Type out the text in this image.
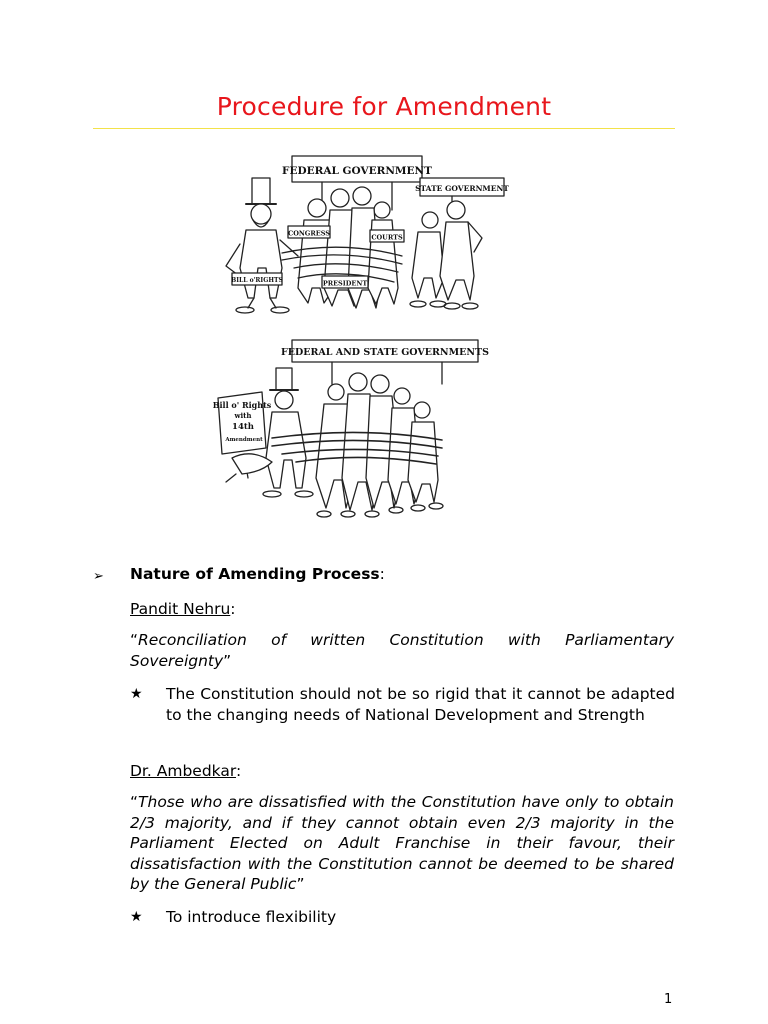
Procedure for Amendment
FEDERAL GOVERNMENT
STATE GOVERNMENT
CONGRESS	COURTS
PRESIDENT
BILL o'RIGHTS
FEDERAL AND STATE GOVERNMENTS
Bill o' Rights
with
14th
Amendment
➢ Nature of Amending Process:
Pandit Nehru:
“Reconciliation of written Constitution with Parliamentary Sovereignty”
★ The Constitution should not be so rigid that it cannot be adapted to the changing needs of National Development and Strength
Dr. Ambedkar:
“Those who are dissatisfied with the Constitution have only to obtain 2/3 majority, and if they cannot obtain even 2/3 majority in the Parliament Elected on Adult Franchise in their favour, their dissatisfaction with the Constitution cannot be deemed to be shared by the General Public”
★ To introduce flexibility
1
